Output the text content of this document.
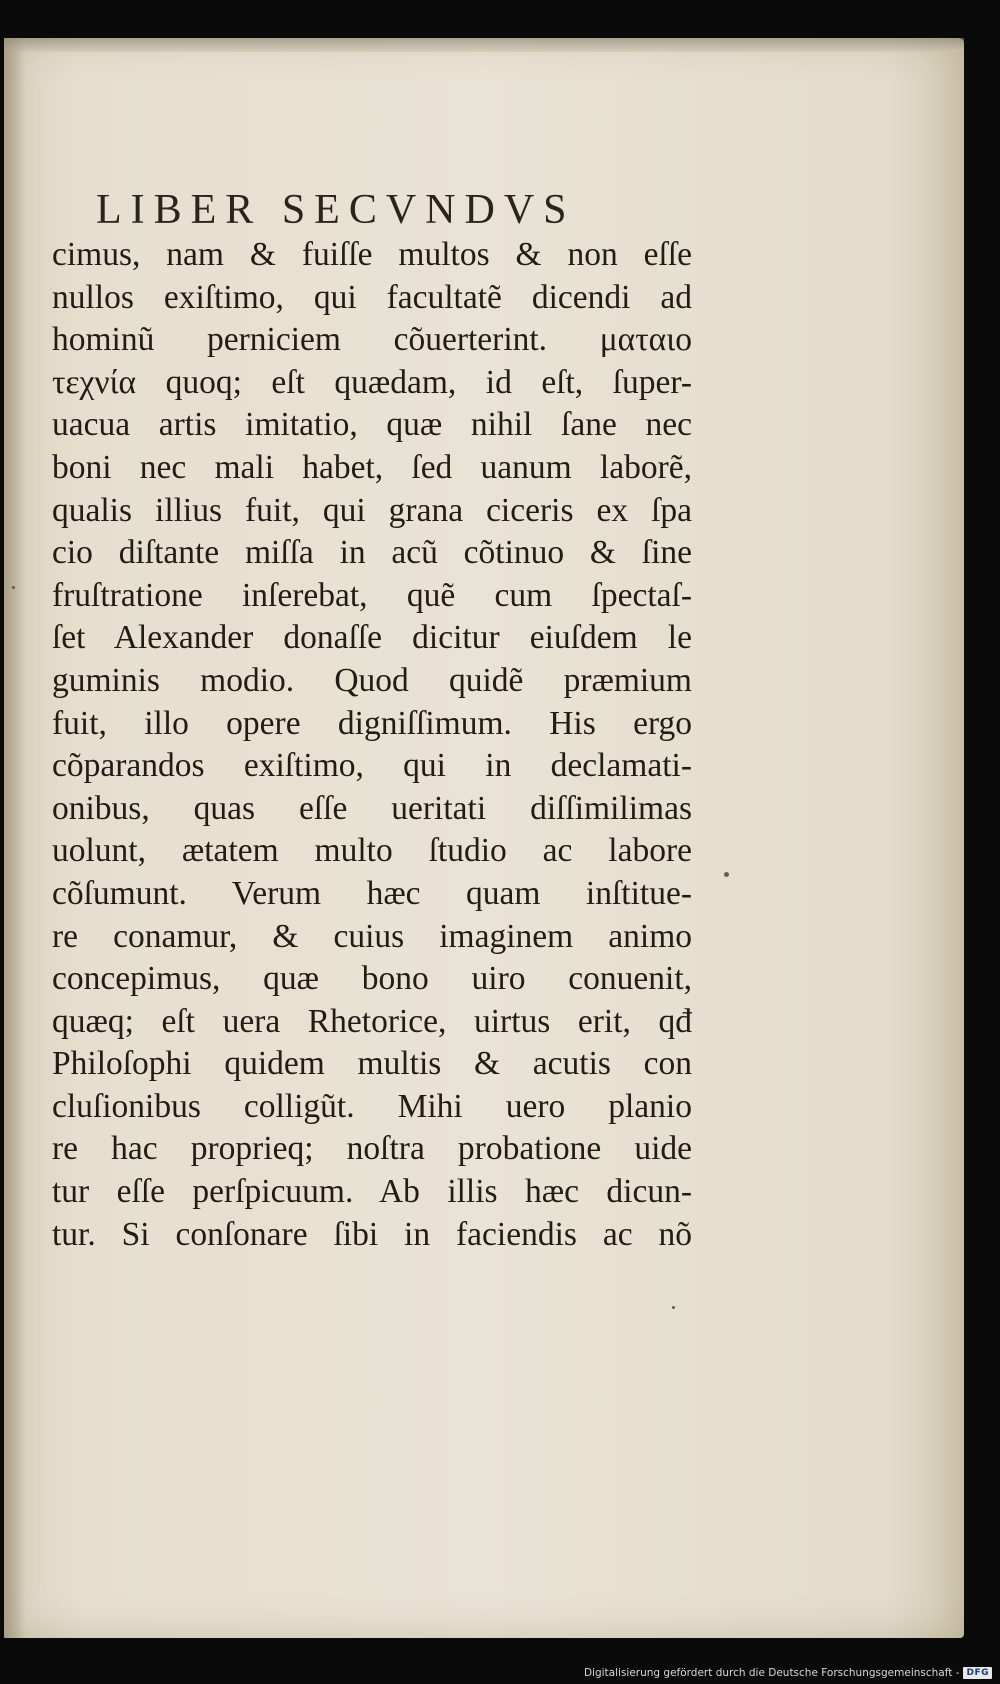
LIBER SECVNDVS
cimus, nam & fuiſſe multos & non eſſe
nullos exiſtimo, qui facultatẽ dicendi ad
hominũ perniciem cõuerterint. ματαιο
τεχνία quoq; eſt quædam, id eſt, ſuper-
uacua artis imitatio, quæ nihil ſane nec
boni nec mali habet, ſed uanum laborẽ,
qualis illius fuit, qui grana ciceris ex ſpa
cio diſtante miſſa in acũ cõtinuo & ſine
fruſtratione inſerebat, quẽ cum ſpectaſ-
ſet Alexander donaſſe dicitur eiuſdem le
guminis modio. Quod quidẽ præmium
fuit, illo opere digniſſimum. His ergo
cõparandos exiſtimo, qui in declamati-
onibus, quas eſſe ueritati diſſimilimas
uolunt, ætatem multo ſtudio ac labore
cõſumunt. Verum hæc quam inſtitue-
re conamur, & cuius imaginem animo
concepimus, quæ bono uiro conuenit,
quæq; eſt uera Rhetorice, uirtus erit, qđ
Philoſophi quidem multis & acutis con
cluſionibus colligũt. Mihi uero planio
re hac proprieq; noſtra probatione uide
tur eſſe perſpicuum. Ab illis hæc dicun-
tur. Si conſonare ſibi in faciendis ac nõ
Digitalisierung gefördert durch die Deutsche Forschungsgemeinschaft - DFG
